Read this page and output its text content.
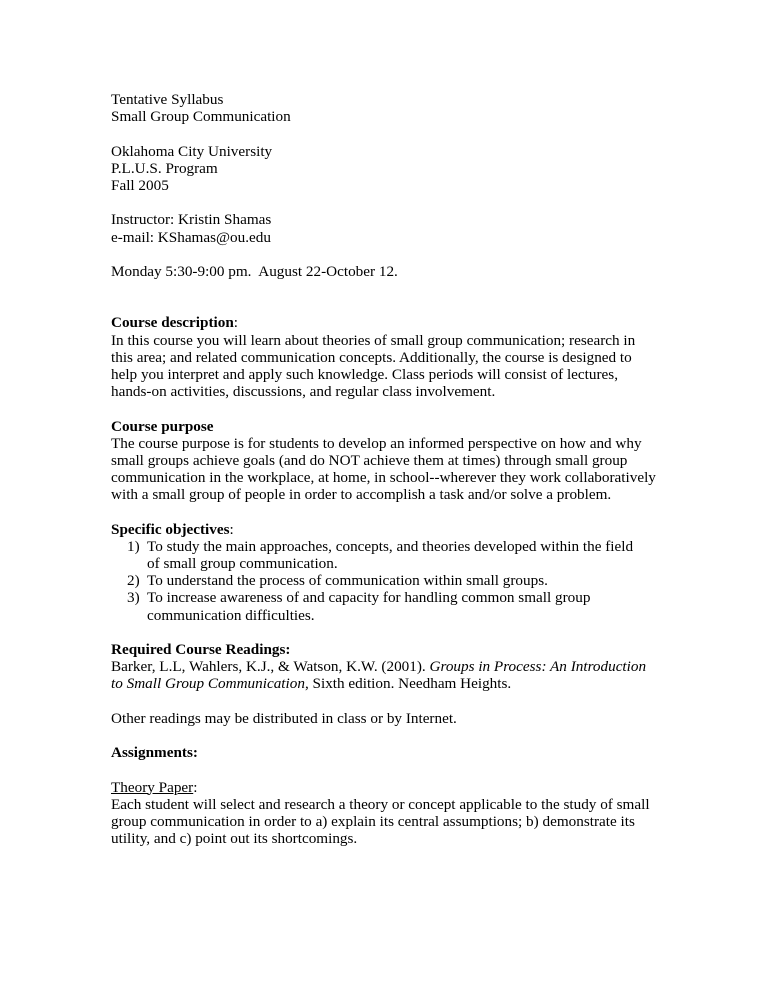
Tentative Syllabus
Small Group Communication
Oklahoma City University
P.L.U.S. Program
Fall 2005
Instructor: Kristin Shamas
e-mail: KShamas@ou.edu
Monday 5:30-9:00 pm.  August 22-October 12.
Course description:
In this course you will learn about theories of small group communication; research in
this area; and related communication concepts. Additionally, the course is designed to
help you interpret and apply such knowledge. Class periods will consist of lectures,
hands-on activities, discussions, and regular class involvement.
Course purpose
The course purpose is for students to develop an informed perspective on how and why
small groups achieve goals (and do NOT achieve them at times) through small group
communication in the workplace, at home, in school--wherever they work collaboratively
with a small group of people in order to accomplish a task and/or solve a problem.
Specific objectives:
1) To study the main approaches, concepts, and theories developed within the field
of small group communication.
2) To understand the process of communication within small groups.
3) To increase awareness of and capacity for handling common small group
communication difficulties.
Required Course Readings:
Barker, L.L, Wahlers, K.J., & Watson, K.W. (2001). Groups in Process: An Introduction
to Small Group Communication, Sixth edition. Needham Heights.
Other readings may be distributed in class or by Internet.
Assignments:
Theory Paper:
Each student will select and research a theory or concept applicable to the study of small
group communication in order to a) explain its central assumptions; b) demonstrate its
utility, and c) point out its shortcomings.
